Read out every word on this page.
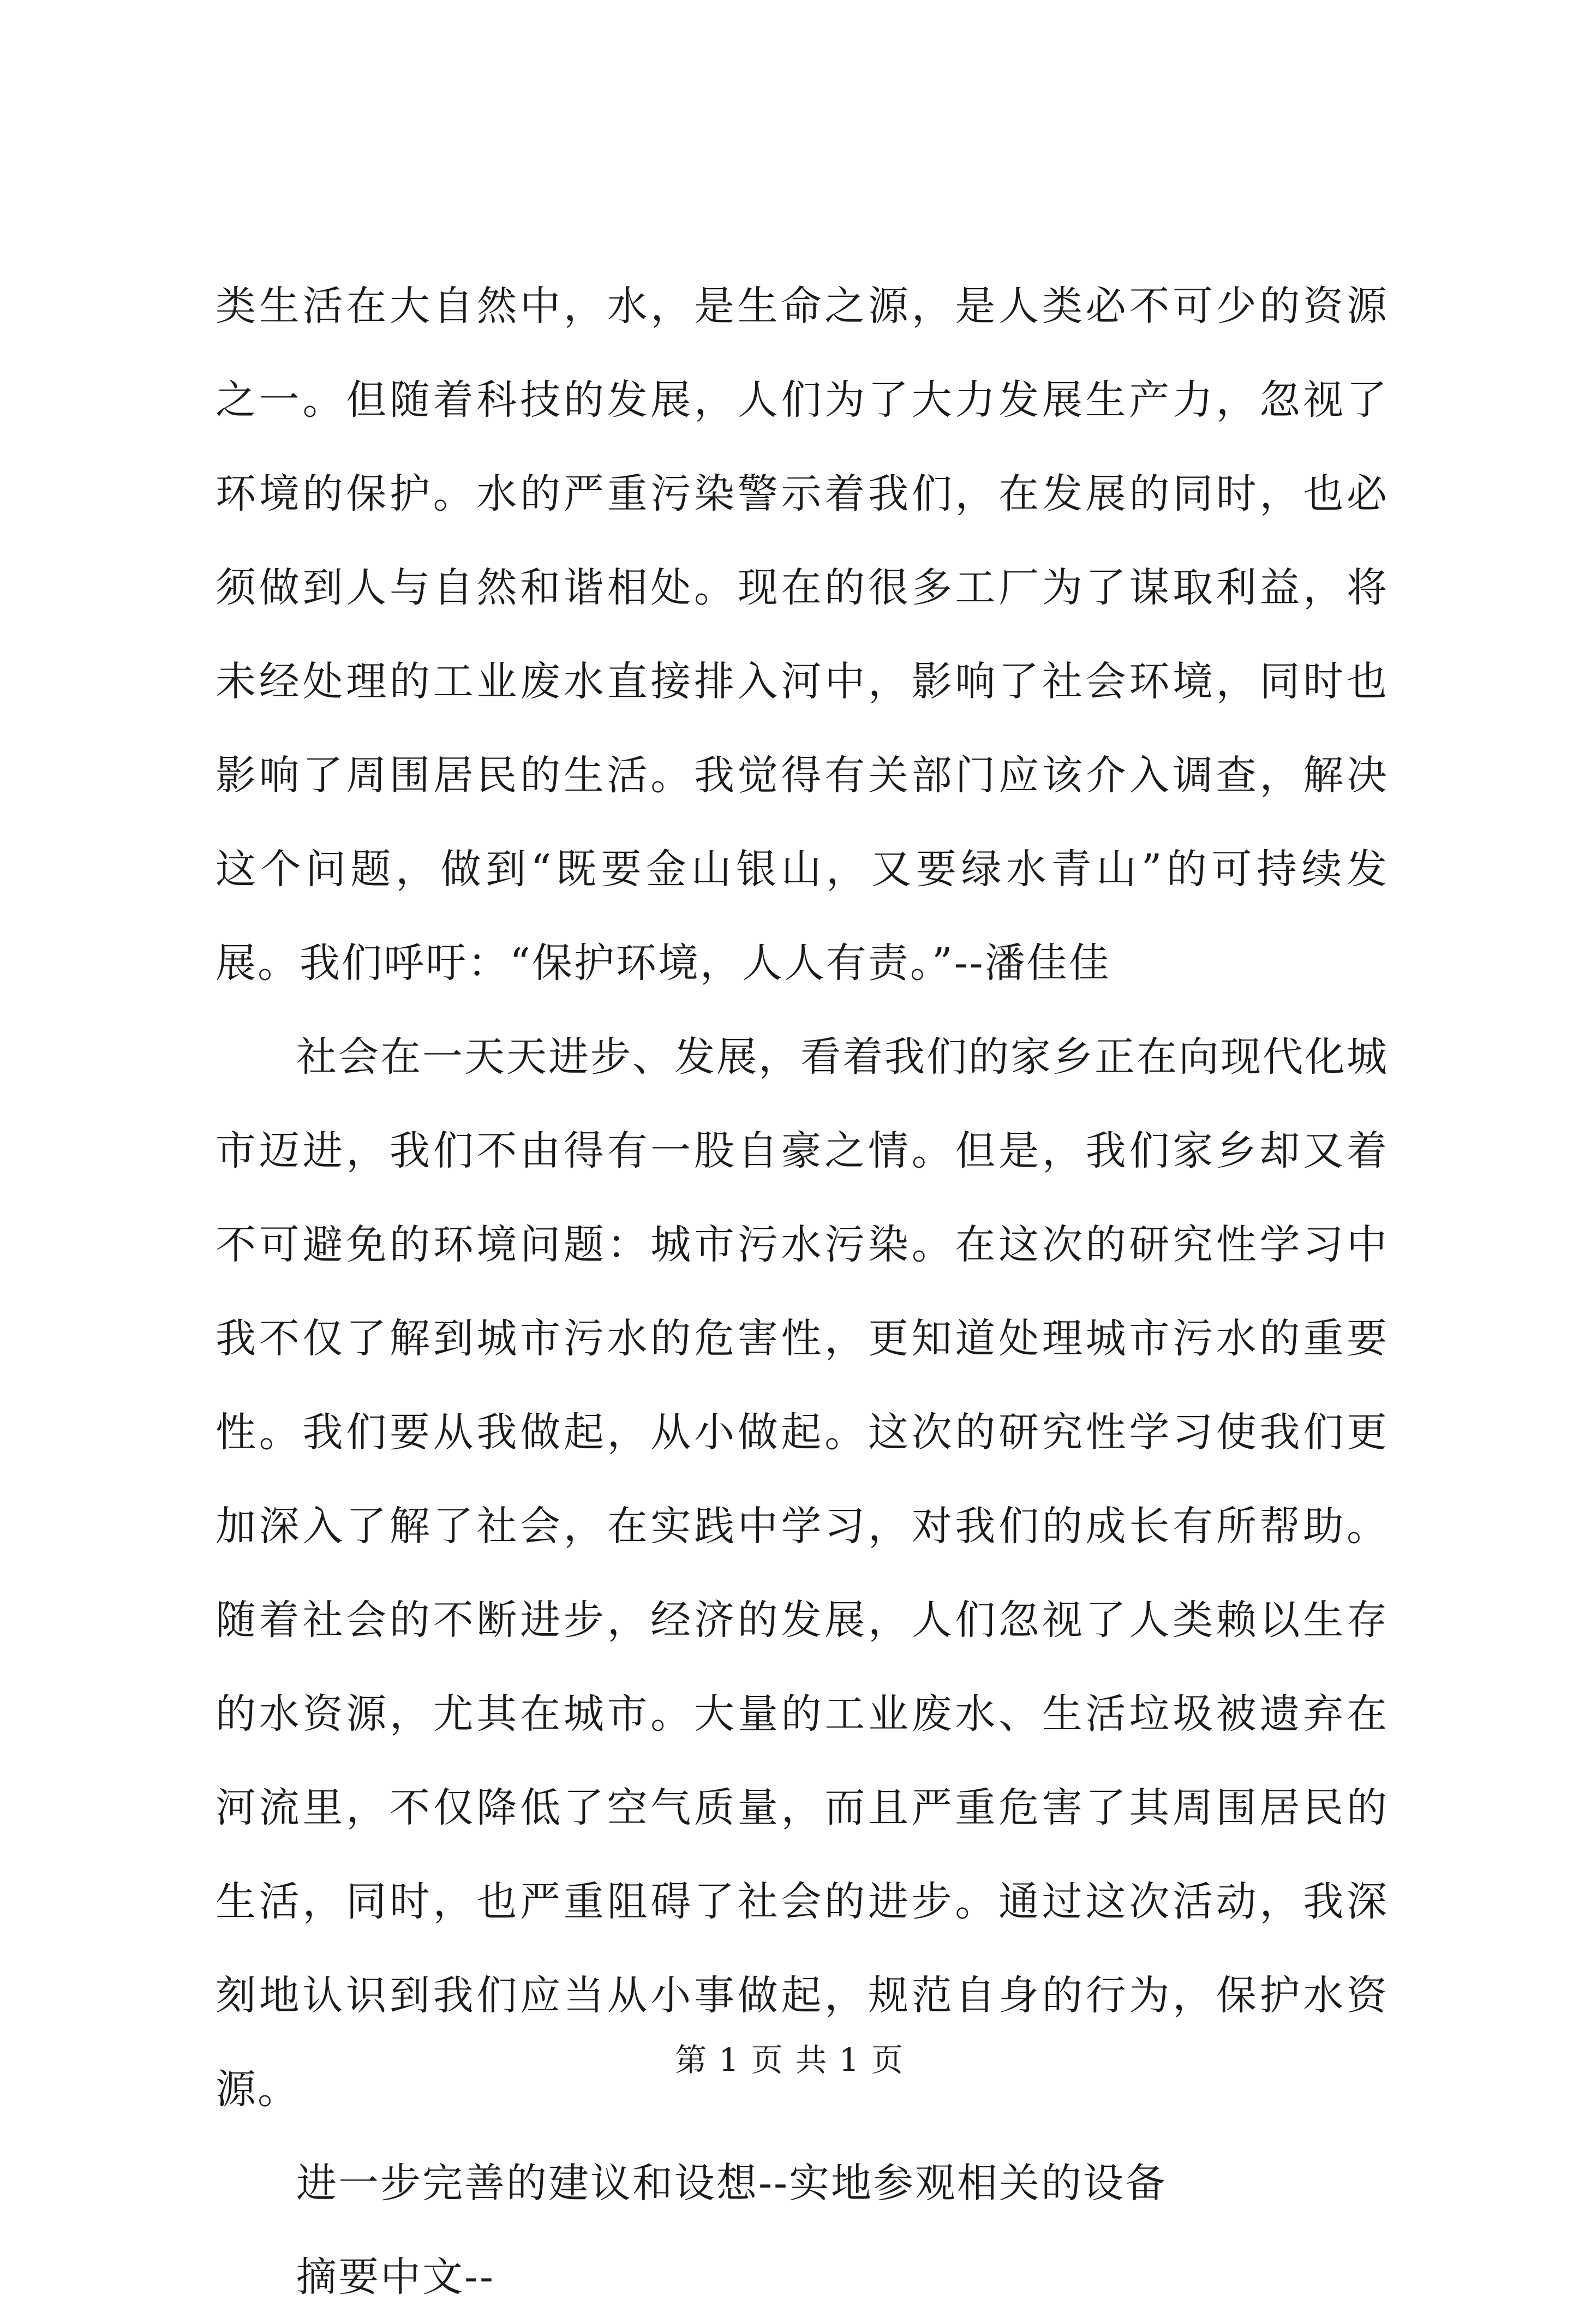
类生活在大自然中，水，是生命之源，是人类必不可少的资源之一。但随着科技的发展，人们为了大力发展生产力，忽视了环境的保护。水的严重污染警示着我们，在发展的同时，也必须做到人与自然和谐相处。现在的很多工厂为了谋取利益，将未经处理的工业废水直接排入河中，影响了社会环境，同时也影响了周围居民的生活。我觉得有关部门应该介入调查，解决这个问题，做到“既要金山银山，又要绿水青山”的可持续发展。我们呼吁：“保护环境，人人有责。”--潘佳佳

社会在一天天进步、发展，看着我们的家乡正在向现代化城市迈进，我们不由得有一股自豪之情。但是，我们家乡却又着不可避免的环境问题：城市污水污染。在这次的研究性学习中我不仅了解到城市污水的危害性，更知道处理城市污水的重要性。我们要从我做起，从小做起。这次的研究性学习使我们更加深入了解了社会，在实践中学习，对我们的成长有所帮助。随着社会的不断进步，经济的发展，人们忽视了人类赖以生存的水资源，尤其在城市。大量的工业废水、生活垃圾被遗弃在河流里，不仅降低了空气质量，而且严重危害了其周围居民的生活，同时，也严重阻碍了社会的进步。通过这次活动，我深刻地认识到我们应当从小事做起，规范自身的行为，保护水资源。

进一步完善的建议和设想--实地参观相关的设备

摘要中文--

第 1 页 共 1 页
